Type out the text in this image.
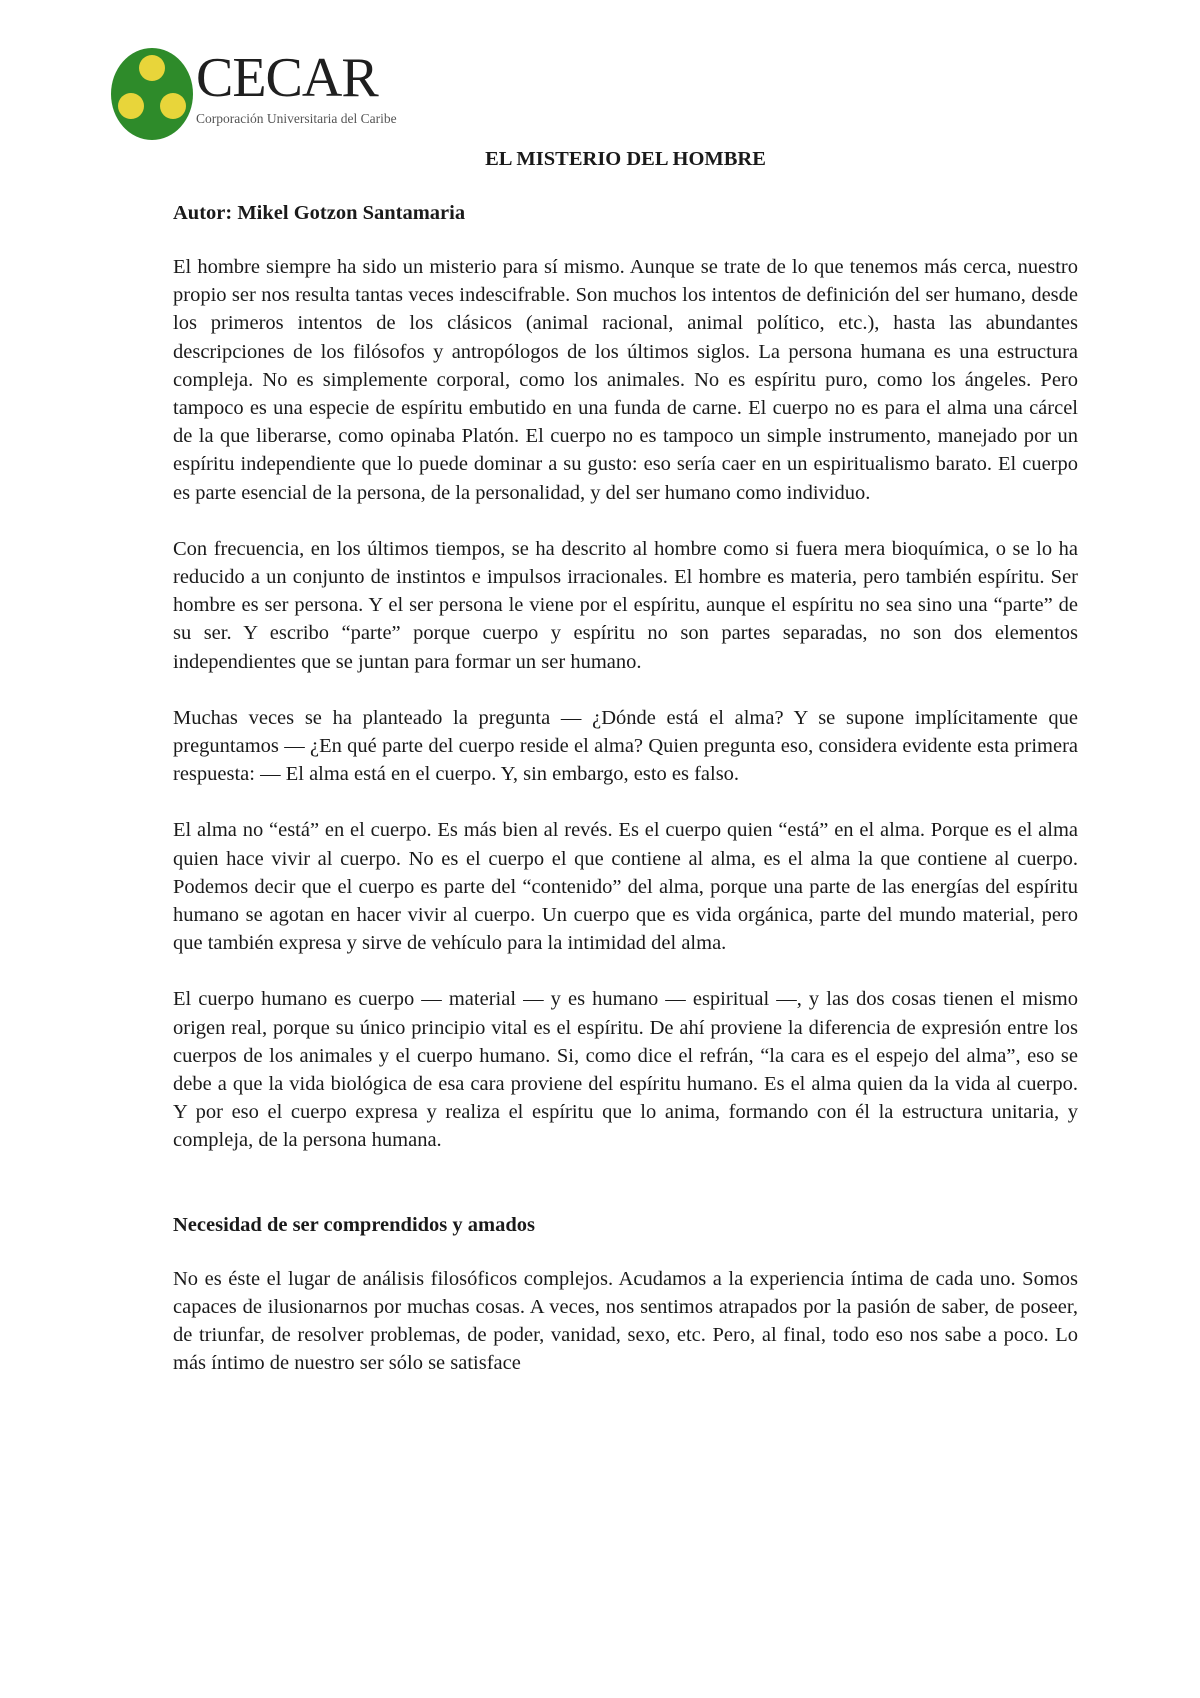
CECAR
Corporación Universitaria del Caribe
EL MISTERIO DEL HOMBRE
Autor: Mikel Gotzon Santamaria

El hombre siempre ha sido un misterio para sí mismo. Aunque se trate de lo que tenemos más cerca, nuestro propio ser nos resulta tantas veces indescifrable. Son muchos los intentos de definición del ser humano, desde los primeros intentos de los clásicos (animal racional, animal político, etc.), hasta las abundantes descripciones de los filósofos y antropólogos de los últimos siglos. La persona humana es una estructura compleja. No es simplemente corporal, como los animales. No es espíritu puro, como los ángeles. Pero tampoco es una especie de espíritu embutido en una funda de carne. El cuerpo no es para el alma una cárcel de la que liberarse, como opinaba Platón. El cuerpo no es tampoco un simple instrumento, manejado por un espíritu independiente que lo puede dominar a su gusto: eso sería caer en un espiritualismo barato. El cuerpo es parte esencial de la persona, de la personalidad, y del ser humano como individuo.

Con frecuencia, en los últimos tiempos, se ha descrito al hombre como si fuera mera bioquímica, o se lo ha reducido a un conjunto de instintos e impulsos irracionales. El hombre es materia, pero también espíritu. Ser hombre es ser persona. Y el ser persona le viene por el espíritu, aunque el espíritu no sea sino una “parte” de su ser. Y escribo “parte” porque cuerpo y espíritu no son partes separadas, no son dos elementos independientes que se juntan para formar un ser humano.

Muchas veces se ha planteado la pregunta — ¿Dónde está el alma? Y se supone implícitamente que preguntamos — ¿En qué parte del cuerpo reside el alma? Quien pregunta eso, considera evidente esta primera respuesta: — El alma está en el cuerpo. Y, sin embargo, esto es falso.

El alma no “está” en el cuerpo. Es más bien al revés. Es el cuerpo quien “está” en el alma. Porque es el alma quien hace vivir al cuerpo. No es el cuerpo el que contiene al alma, es el alma la que contiene al cuerpo. Podemos decir que el cuerpo es parte del “contenido” del alma, porque una parte de las energías del espíritu humano se agotan en hacer vivir al cuerpo. Un cuerpo que es vida orgánica, parte del mundo material, pero que también expresa y sirve de vehículo para la intimidad del alma.

El cuerpo humano es cuerpo — material — y es humano — espiritual —, y las dos cosas tienen el mismo origen real, porque su único principio vital es el espíritu. De ahí proviene la diferencia de expresión entre los cuerpos de los animales y el cuerpo humano. Si, como dice el refrán, “la cara es el espejo del alma”, eso se debe a que la vida biológica de esa cara proviene del espíritu humano. Es el alma quien da la vida al cuerpo. Y por eso el cuerpo expresa y realiza el espíritu que lo anima, formando con él la estructura unitaria, y compleja, de la persona humana.

Necesidad de ser comprendidos y amados

No es éste el lugar de análisis filosóficos complejos. Acudamos a la experiencia íntima de cada uno. Somos capaces de ilusionarnos por muchas cosas. A veces, nos sentimos atrapados por la pasión de saber, de poseer, de triunfar, de resolver problemas, de poder, vanidad, sexo, etc. Pero, al final, todo eso nos sabe a poco. Lo más íntimo de nuestro ser sólo se satisface
